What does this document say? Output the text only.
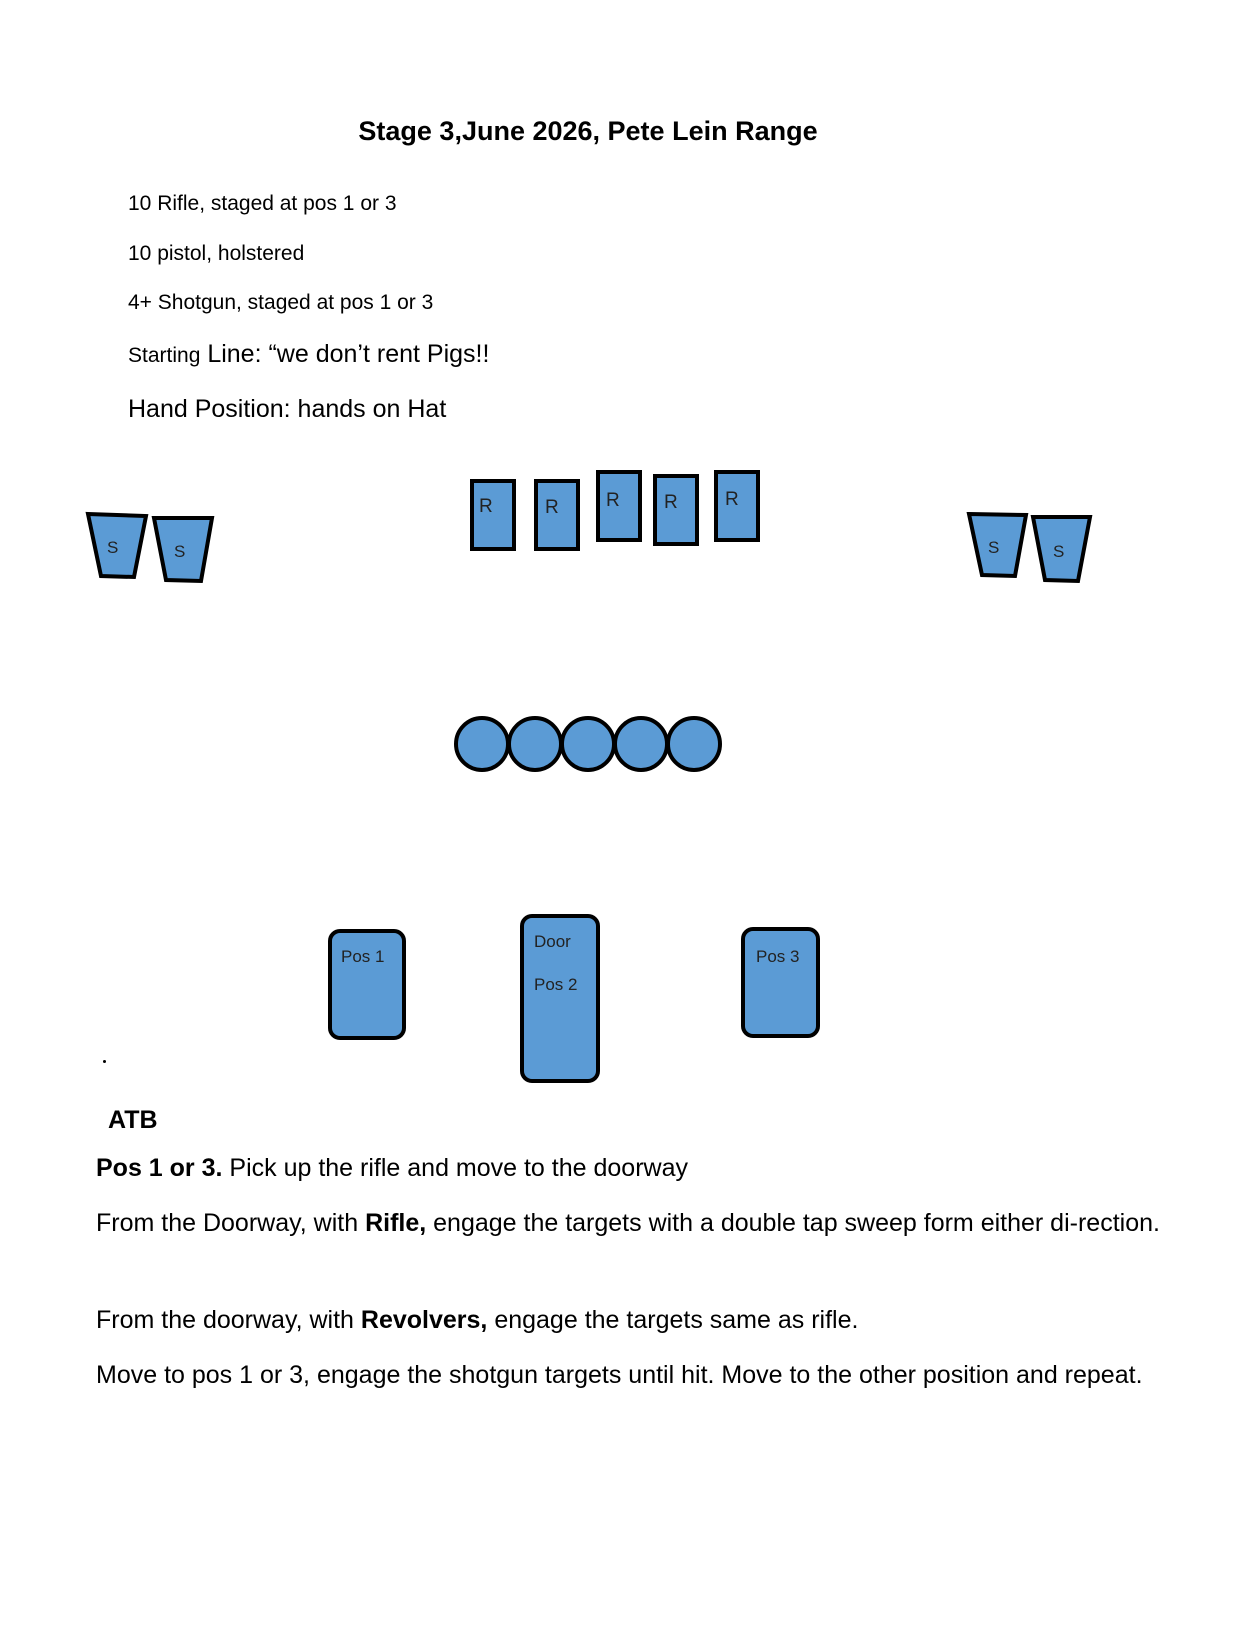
Stage 3,June 2026, Pete Lein Range
10 Rifle, staged at pos 1 or 3
10 pistol, holstered
4+ Shotgun, staged at pos 1 or 3
Starting Line: “we don’t rent Pigs!!
Hand Position: hands on Hat
S	S
R	R R R R
S	S
Pos 1
Door
Pos 2
Pos 3
ATB
Pos 1 or 3. Pick up the rifle and move to the doorway
From the Doorway, with Rifle, engage the targets with a double tap sweep form either di-rection.
From the doorway, with Revolvers, engage the targets same as rifle.
Move to pos 1 or 3, engage the shotgun targets until hit. Move to the other position and repeat.
